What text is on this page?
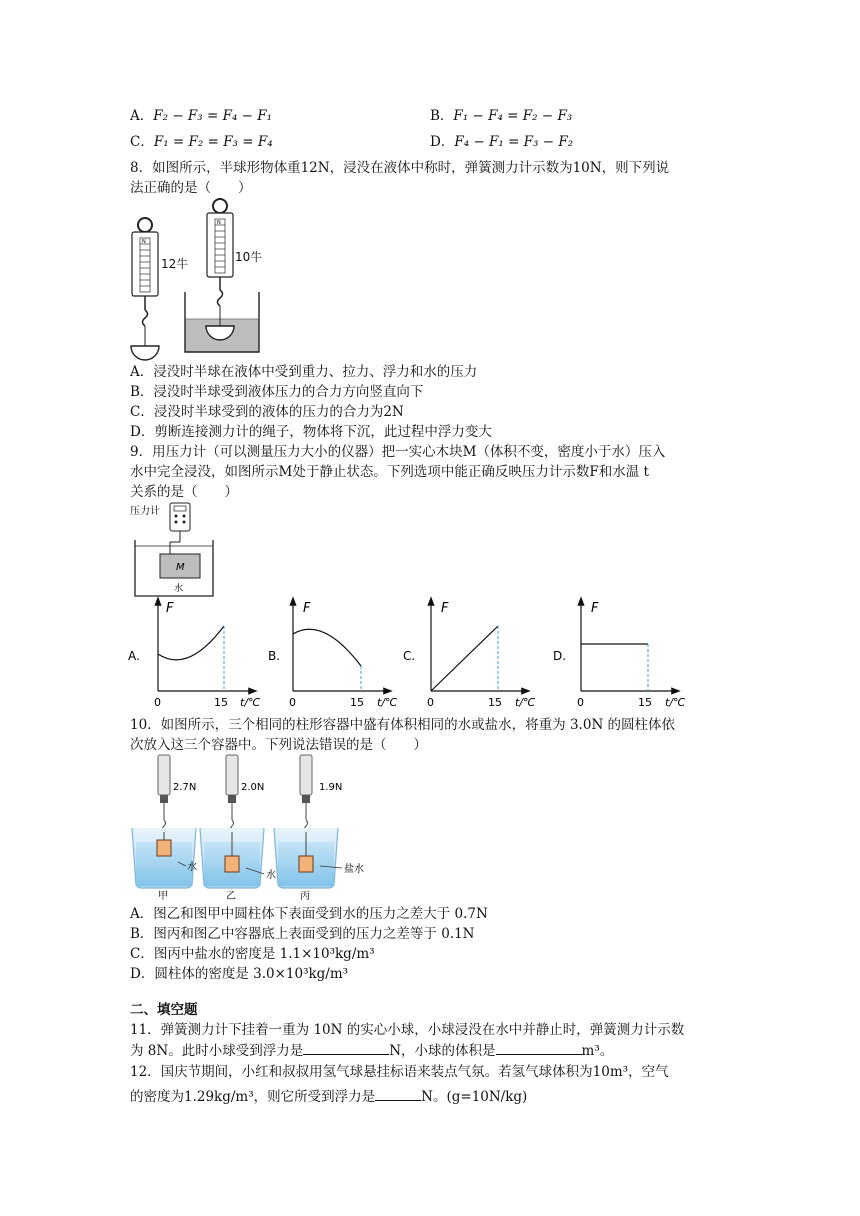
A．F₂ − F₃ = F₄ − F₁	B．F₁ − F₄ = F₂ − F₃
C．F₁ = F₂ = F₃ = F₄	D．F₄ − F₁ = F₃ − F₂
8．如图所示，半球形物体重12N，浸没在液体中称时，弹簧测力计示数为10N，则下列说
法正确的是（　　）
N
12牛
N
10牛
A．浸没时半球在液体中受到重力、拉力、浮力和水的压力
B．浸没时半球受到液体压力的合力方向竖直向下
C．浸没时半球受到的液体的压力的合力为2N
D．剪断连接测力计的绳子，物体将下沉，此过程中浮力变大
9．用压力计（可以测量压力大小的仪器）把一实心木块M（体积不变，密度小于水）压入
水中完全浸没，如图所示M处于静止状态。下列选项中能正确反映压力计示数F和水温 t
关系的是（　　）
压力计
M
水
A.
F
0	15 t/℃
B.
F
0	15 t/℃
C.
F
0	15 t/℃
D.
F
0	15 t/℃
10．如图所示，三个相同的柱形容器中盛有体积相同的水或盐水，将重为 3.0N 的圆柱体依
次放入这三个容器中。下列说法错误的是（　　）
2.7N
水
甲
2.0N
水
乙
1.9N
盐水
丙
A．图乙和图甲中圆柱体下表面受到水的压力之差大于 0.7N
B．图丙和图乙中容器底上表面受到的压力之差等于 0.1N
C．图丙中盐水的密度是 1.1×10³kg/m³
D．圆柱体的密度是 3.0×10³kg/m³
二、填空题
11．弹簧测力计下挂着一重为 10N 的实心小球，小球浸没在水中并静止时，弹簧测力计示数
为 8N。此时小球受到浮力是	N，小球的体积是	m³。
12．国庆节期间，小红和叔叔用氢气球悬挂标语来装点气氛。若氢气球体积为10m³，空气
的密度为1.29kg/m³，则它所受到浮力是	N。(g=10N/kg)
